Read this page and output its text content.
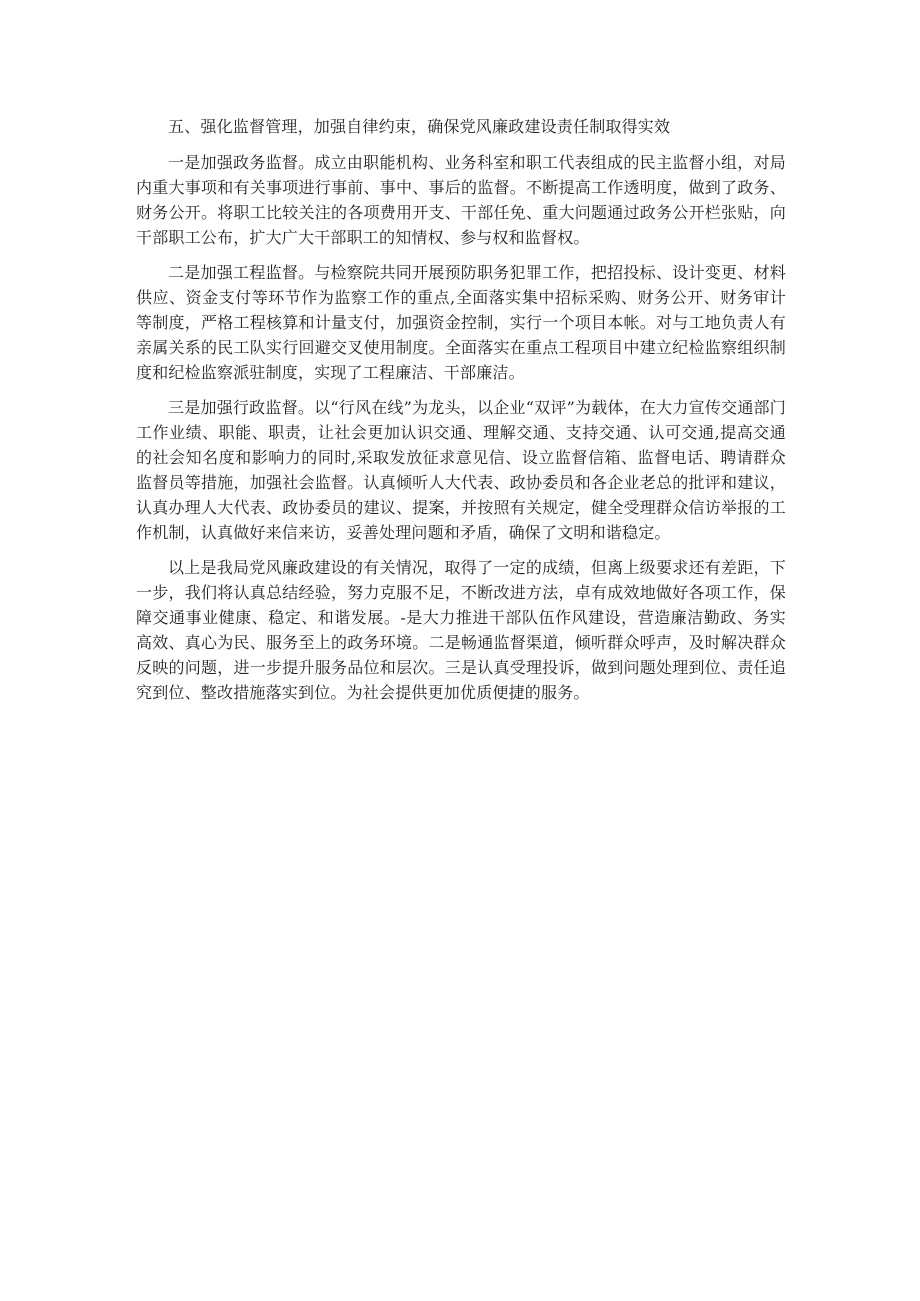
五、强化监督管理，加强自律约束，确保党风廉政建设责任制取得实效

一是加强政务监督。成立由职能机构、业务科室和职工代表组成的民主监督小组，对局内重大事项和有关事项进行事前、事中、事后的监督。不断提高工作透明度，做到了政务、财务公开。将职工比较关注的各项费用开支、干部任免、重大问题通过政务公开栏张贴，向干部职工公布，扩大广大干部职工的知情权、参与权和监督权。

二是加强工程监督。与检察院共同开展预防职务犯罪工作，把招投标、设计变更、材料供应、资金支付等环节作为监察工作的重点,全面落实集中招标采购、财务公开、财务审计等制度，严格工程核算和计量支付，加强资金控制，实行一个项目本帐。对与工地负责人有亲属关系的民工队实行回避交叉使用制度。全面落实在重点工程项目中建立纪检监察组织制度和纪检监察派驻制度，实现了工程廉洁、干部廉洁。

三是加强行政监督。以“行风在线”为龙头，以企业“双评”为载体，在大力宣传交通部门工作业绩、职能、职责，让社会更加认识交通、理解交通、支持交通、认可交通,提高交通的社会知名度和影响力的同时,采取发放征求意见信、设立监督信箱、监督电话、聘请群众监督员等措施，加强社会监督。认真倾听人大代表、政协委员和各企业老总的批评和建议，认真办理人大代表、政协委员的建议、提案，并按照有关规定，健全受理群众信访举报的工作机制，认真做好来信来访，妥善处理问题和矛盾，确保了文明和谐稳定。

以上是我局党风廉政建设的有关情况，取得了一定的成绩，但离上级要求还有差距，下一步，我们将认真总结经验，努力克服不足，不断改进方法，卓有成效地做好各项工作，保障交通事业健康、稳定、和谐发展。-是大力推进干部队伍作风建设，营造廉洁勤政、务实高效、真心为民、服务至上的政务环境。二是畅通监督渠道，倾听群众呼声，及时解决群众反映的问题，进一步提升服务品位和层次。三是认真受理投诉，做到问题处理到位、责任追究到位、整改措施落实到位。为社会提供更加优质便捷的服务。
